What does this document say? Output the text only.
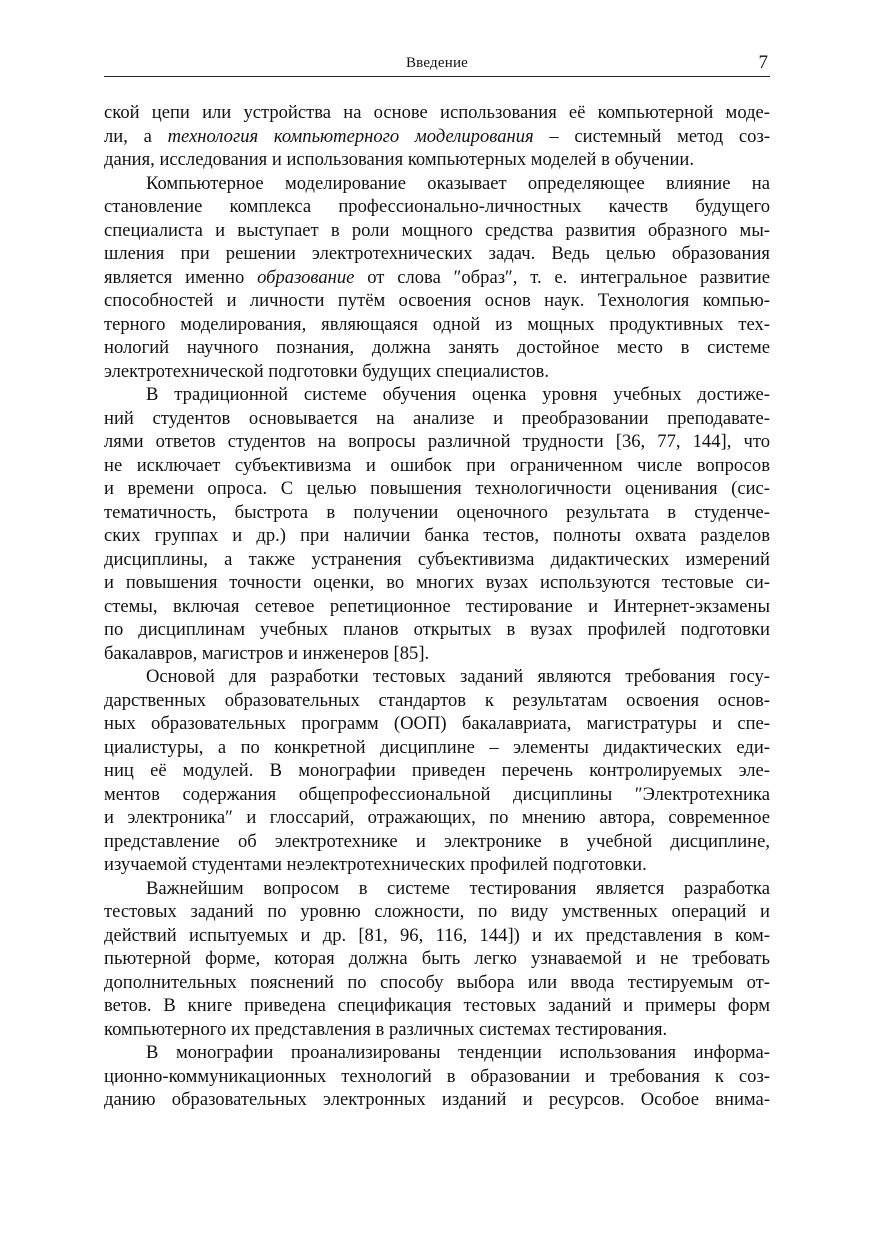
Введение	7
ской цепи или устройства на основе использования её компьютерной моде-
ли, а технология компьютерного моделирования – системный метод соз-
дания, исследования и использования компьютерных моделей в обучении.
Компьютерное моделирование оказывает определяющее влияние на
становление комплекса профессионально-личностных качеств будущего
специалиста и выступает в роли мощного средства развития образного мы-
шления при решении электротехнических задач. Ведь целью образования
является именно образование от слова ″образ″, т. е. интегральное развитие
способностей и личности путём освоения основ наук. Технология компью-
терного моделирования, являющаяся одной из мощных продуктивных тех-
нологий научного познания, должна занять достойное место в системе
электротехнической подготовки будущих специалистов.
В традиционной системе обучения оценка уровня учебных достиже-
ний студентов основывается на анализе и преобразовании преподавате-
лями ответов студентов на вопросы различной трудности [36, 77, 144], что
не исключает субъективизма и ошибок при ограниченном числе вопросов
и времени опроса. С целью повышения технологичности оценивания (сис-
тематичность, быстрота в получении оценочного результата в студенче-
ских группах и др.) при наличии банка тестов, полноты охвата разделов
дисциплины, а также устранения субъективизма дидактических измерений
и повышения точности оценки, во многих вузах используются тестовые си-
стемы, включая сетевое репетиционное тестирование и Интернет-экзамены
по дисциплинам учебных планов открытых в вузах профилей подготовки
бакалавров, магистров и инженеров [85].
Основой для разработки тестовых заданий являются требования госу-
дарственных образовательных стандартов к результатам освоения основ-
ных образовательных программ (ООП) бакалавриата, магистратуры и спе-
циалистуры, а по конкретной дисциплине – элементы дидактических еди-
ниц её модулей. В монографии приведен перечень контролируемых эле-
ментов содержания общепрофессиональной дисциплины ″Электротехника
и электроника″ и глоссарий, отражающих, по мнению автора, современное
представление об электротехнике и электронике в учебной дисциплине,
изучаемой студентами неэлектротехнических профилей подготовки.
Важнейшим вопросом в системе тестирования является разработка
тестовых заданий по уровню сложности, по виду умственных операций и
действий испытуемых и др. [81, 96, 116, 144]) и их представления в ком-
пьютерной форме, которая должна быть легко узнаваемой и не требовать
дополнительных пояснений по способу выбора или ввода тестируемым от-
ветов. В книге приведена спецификация тестовых заданий и примеры форм
компьютерного их представления в различных системах тестирования.
В монографии проанализированы тенденции использования информа-
ционно-коммуникационных технологий в образовании и требования к соз-
данию образовательных электронных изданий и ресурсов. Особое внима-
